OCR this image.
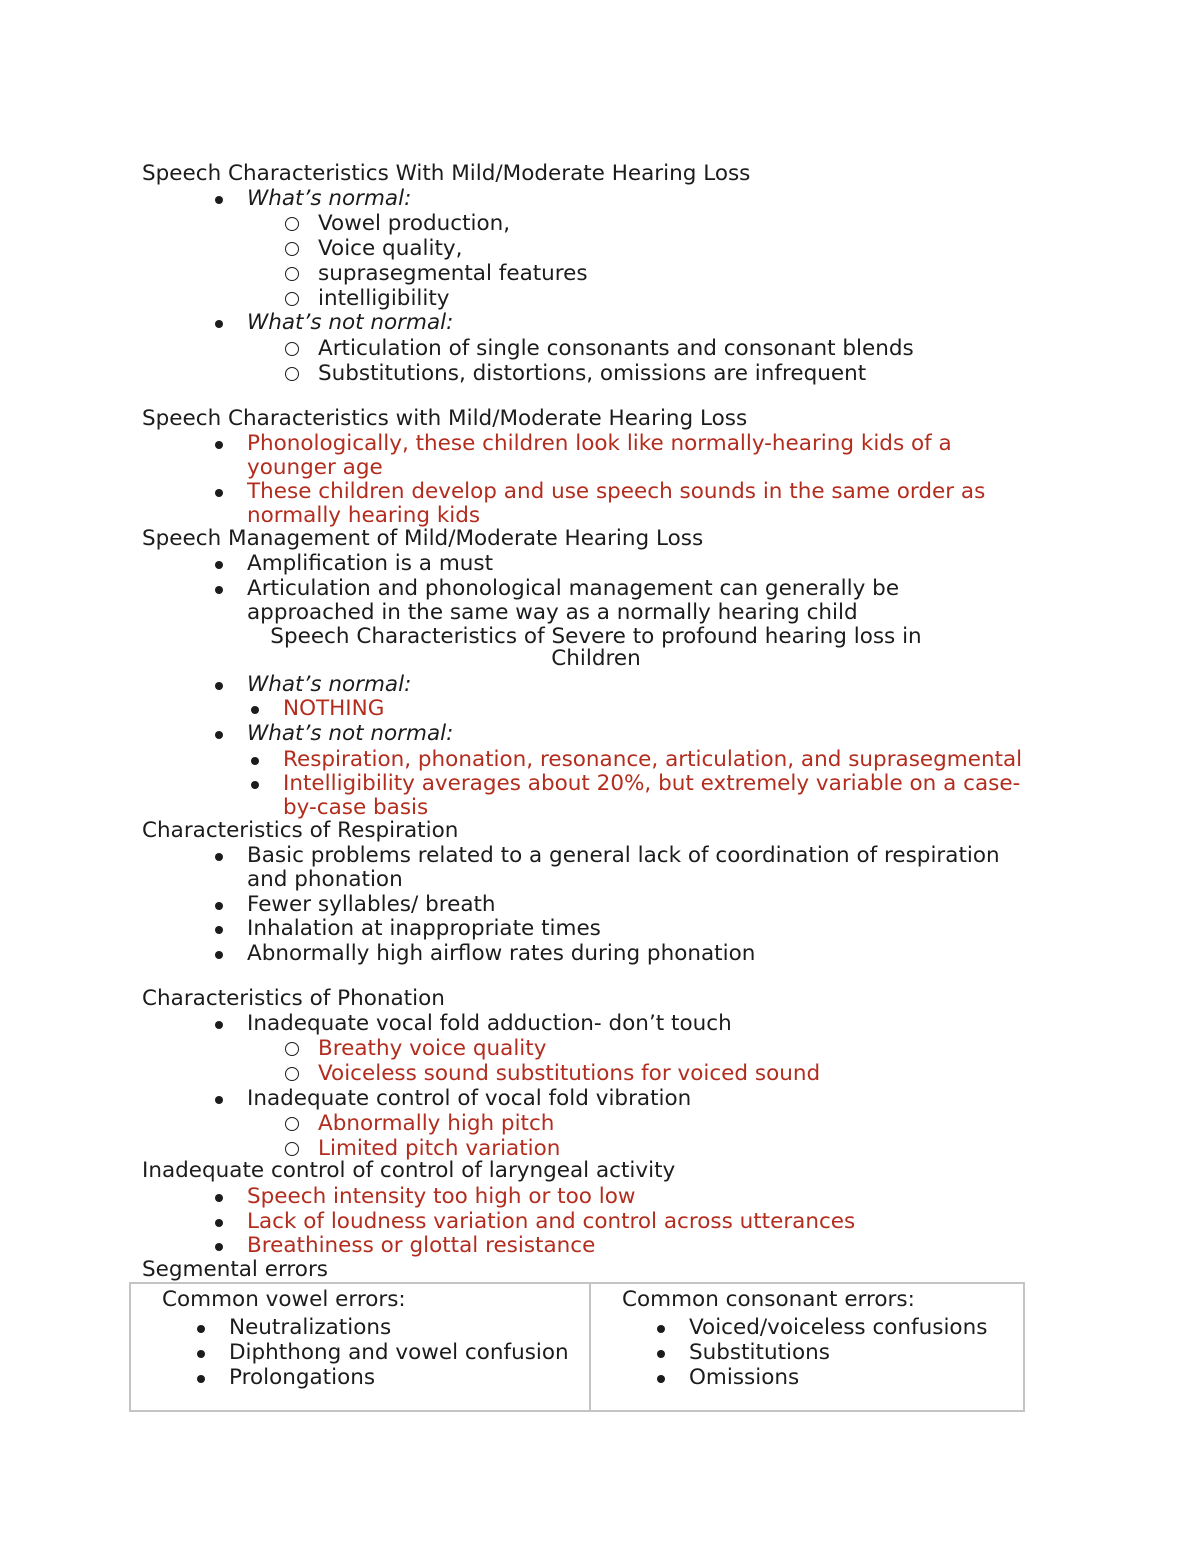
Speech Characteristics With Mild/Moderate Hearing Loss
What’s normal:
Vowel production,
Voice quality,
suprasegmental features
intelligibility
What’s not normal:
Articulation of single consonants and consonant blends
Substitutions, distortions, omissions are infrequent
Speech Characteristics with Mild/Moderate Hearing Loss
Phonologically, these children look like normally-hearing kids of a
younger age
These children develop and use speech sounds in the same order as
normally hearing kids
Speech Management of Mild/Moderate Hearing Loss
Amplification is a must
Articulation and phonological management can generally be
approached in the same way as a normally hearing child
Speech Characteristics of Severe to profound hearing loss in
Children
What’s normal:
NOTHING
What’s not normal:
Respiration, phonation, resonance, articulation, and suprasegmental
Intelligibility averages about 20%, but extremely variable on a case-
by-case basis
Characteristics of Respiration
Basic problems related to a general lack of coordination of respiration
and phonation
Fewer syllables/ breath
Inhalation at inappropriate times
Abnormally high airflow rates during phonation
Characteristics of Phonation
Inadequate vocal fold adduction- don’t touch
Breathy voice quality
Voiceless sound substitutions for voiced sound
Inadequate control of vocal fold vibration
Abnormally high pitch
Limited pitch variation
Inadequate control of control of laryngeal activity
Speech intensity too high or too low
Lack of loudness variation and control across utterances
Breathiness or glottal resistance
Segmental errors
Common vowel errors:
Neutralizations
Diphthong and vowel confusion
Prolongations
Common consonant errors:
Voiced/voiceless confusions
Substitutions
Omissions
